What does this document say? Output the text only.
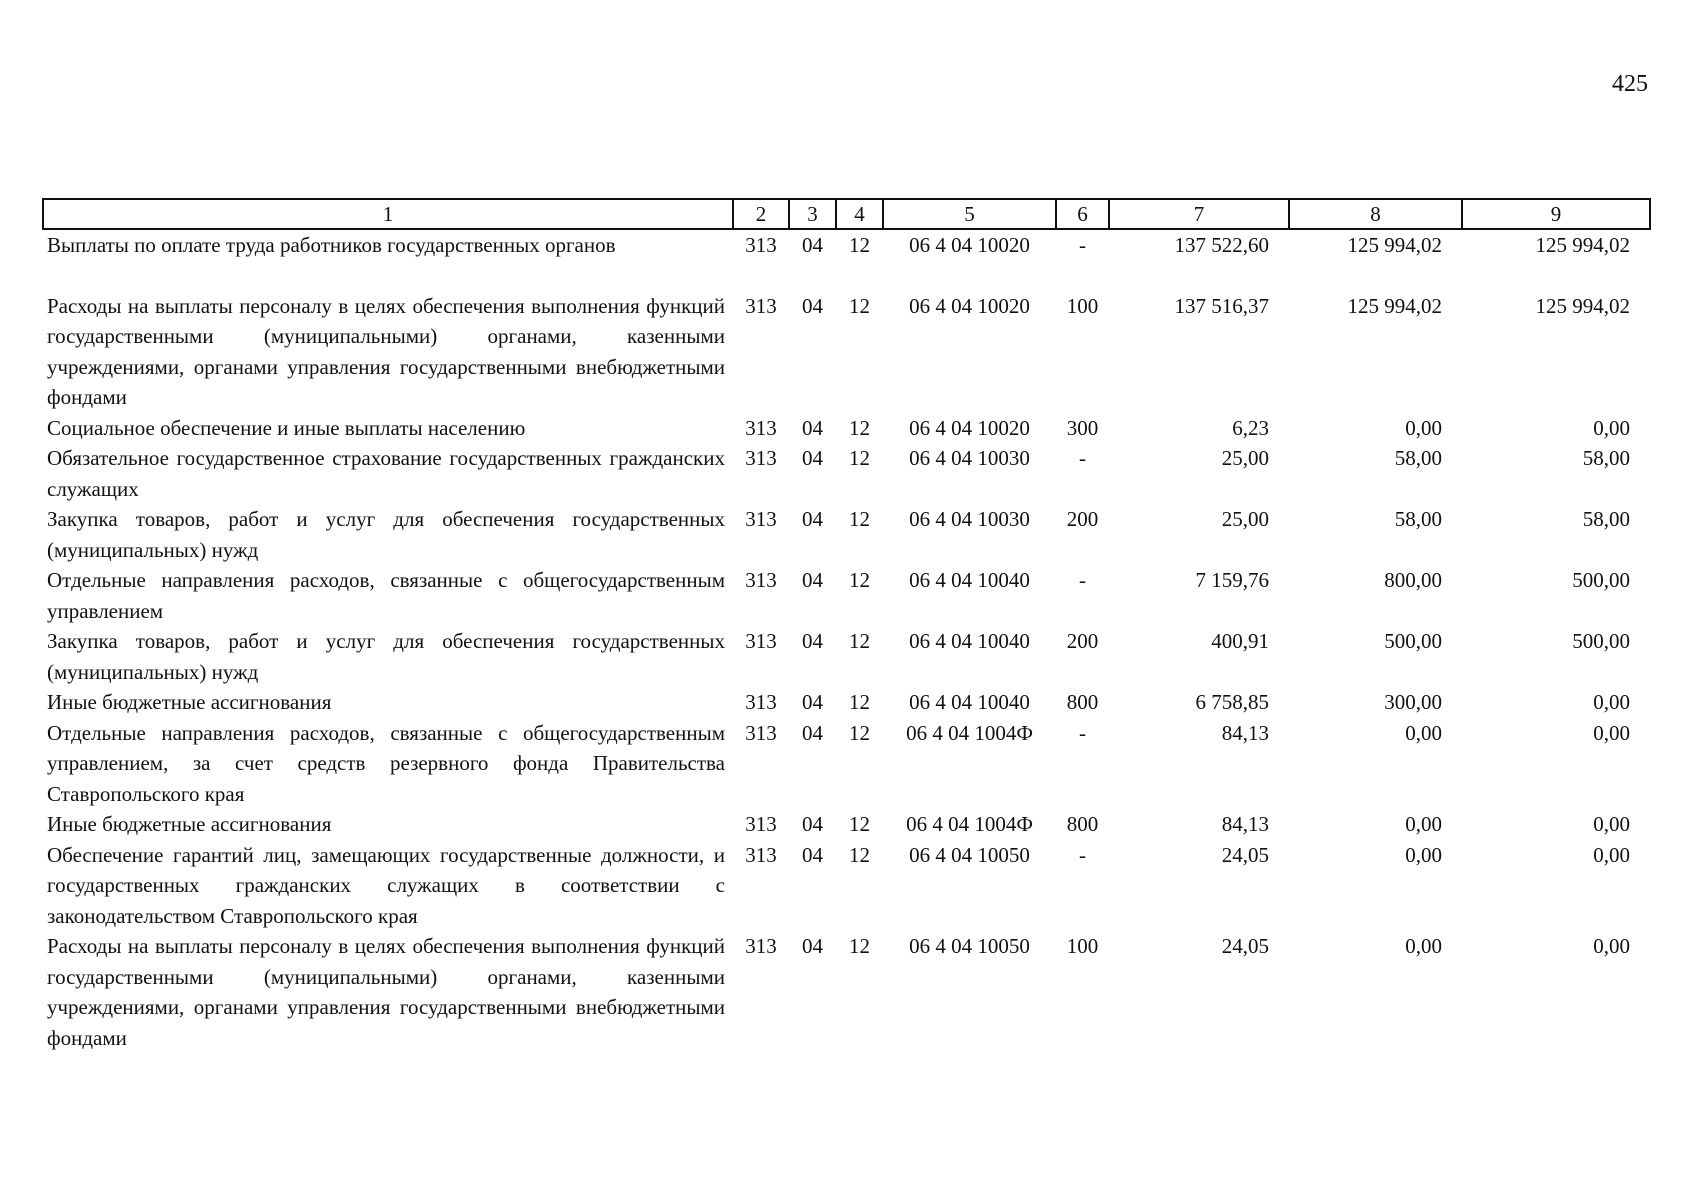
425
1	2	3	4	5	6	7	8	9
Выплаты по оплате труда работников государственных органов	313	04	12	06 4 04 10020	-	137 522,60	125 994,02	125 994,02
Расходы на выплаты персоналу в целях обеспечения выполнения функций государственными (муниципальными) органами, казенными учреждениями, органами управления государственными внебюджетными фондами	313	04	12	06 4 04 10020	100	137 516,37	125 994,02	125 994,02
Социальное обеспечение и иные выплаты населению	313	04	12	06 4 04 10020	300	6,23	0,00	0,00
Обязательное государственное страхование государственных гражданских служащих	313	04	12	06 4 04 10030	-	25,00	58,00	58,00
Закупка товаров, работ и услуг для обеспечения государственных (муниципальных) нужд	313	04	12	06 4 04 10030	200	25,00	58,00	58,00
Отдельные направления расходов, связанные с общегосударственным управлением	313	04	12	06 4 04 10040	-	7 159,76	800,00	500,00
Закупка товаров, работ и услуг для обеспечения государственных (муниципальных) нужд	313	04	12	06 4 04 10040	200	400,91	500,00	500,00
Иные бюджетные ассигнования	313	04	12	06 4 04 10040	800	6 758,85	300,00	0,00
Отдельные направления расходов, связанные с общегосударственным управлением, за счет средств резервного фонда Правительства Ставропольского края	313	04	12	06 4 04 1004Ф	-	84,13	0,00	0,00
Иные бюджетные ассигнования	313	04	12	06 4 04 1004Ф	800	84,13	0,00	0,00
Обеспечение гарантий лиц, замещающих государственные должности, и государственных гражданских служащих в соответствии с законодательством Ставропольского края	313	04	12	06 4 04 10050	-	24,05	0,00	0,00
Расходы на выплаты персоналу в целях обеспечения выполнения функций государственными (муниципальными) органами, казенными учреждениями, органами управления государственными внебюджетными фондами	313	04	12	06 4 04 10050	100	24,05	0,00	0,00
